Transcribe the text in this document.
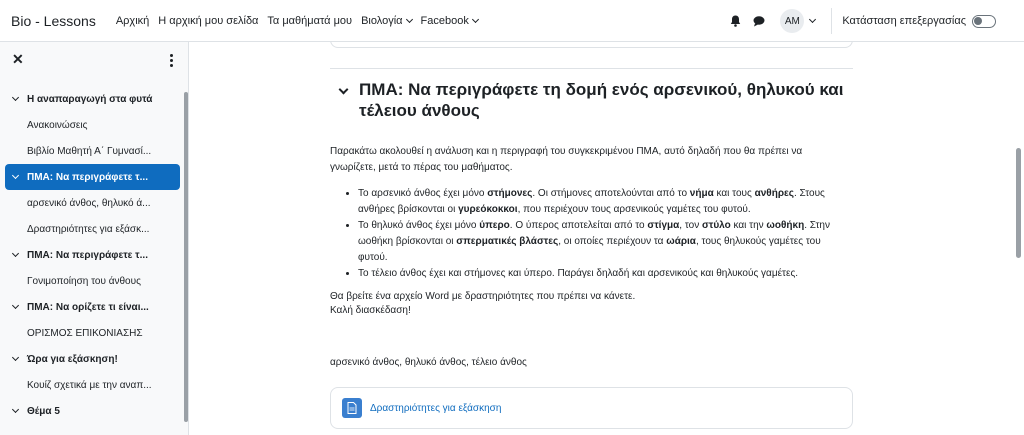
Bio - Lessons Αρχική Η αρχική μου σελίδα Τα μαθήματά μου Βιολογία Facebook	AM	Κατάσταση επεξεργασίας
✕
Η αναπαραγωγή στα φυτά
Ανακοινώσεις
Βιβλίο Μαθητή Α΄ Γυμνασί...
ΠΜΑ: Να περιγράφετε τ...
αρσενικό άνθος, θηλυκό ά...
Δραστηριότητες για εξάσκ...
ΠΜΑ: Να περιγράφετε τ...
Γονιμοποίηση του άνθους
ΠΜΑ: Να ορίζετε τι είναι...
ΟΡΙΣΜΟΣ ΕΠΙΚΟΝΙΑΣΗΣ
Ώρα για εξάσκηση!
Κουίζ σχετικά με την αναπ...
Θέμα 5
ΠΜΑ: Να περιγράφετε τη δομή ενός αρσενικού, θηλυκού και τέλειου άνθους

Παρακάτω ακολουθεί η ανάλυση και η περιγραφή του συγκεκριμένου ΠΜΑ, αυτό δηλαδή που θα πρέπει να γνωρίζετε, μετά το πέρας του μαθήματος.

• Το αρσενικό άνθος έχει μόνο στήμονες. Οι στήμονες αποτελούνται από το νήμα και τους ανθήρες. Στους ανθήρες βρίσκονται οι γυρεόκοκκοι, που περιέχουν τους αρσενικούς γαμέτες του φυτού.
• Το θηλυκό άνθος έχει μόνο ύπερο. Ο ύπερος αποτελείται από το στίγμα, τον στύλο και την ωοθήκη. Στην ωοθήκη βρίσκονται οι σπερματικές βλάστες, οι οποίες περιέχουν τα ωάρια, τους θηλυκούς γαμέτες του φυτού.
• Το τέλειο άνθος έχει και στήμονες και ύπερο. Παράγει δηλαδή και αρσενικούς και θηλυκούς γαμέτες.
Θα βρείτε ένα αρχείο Word με δραστηριότητες που πρέπει να κάνετε.
Καλή διασκέδαση!
αρσενικό άνθος, θηλυκό άνθος, τέλειο άνθος
Δραστηριότητες για εξάσκηση
